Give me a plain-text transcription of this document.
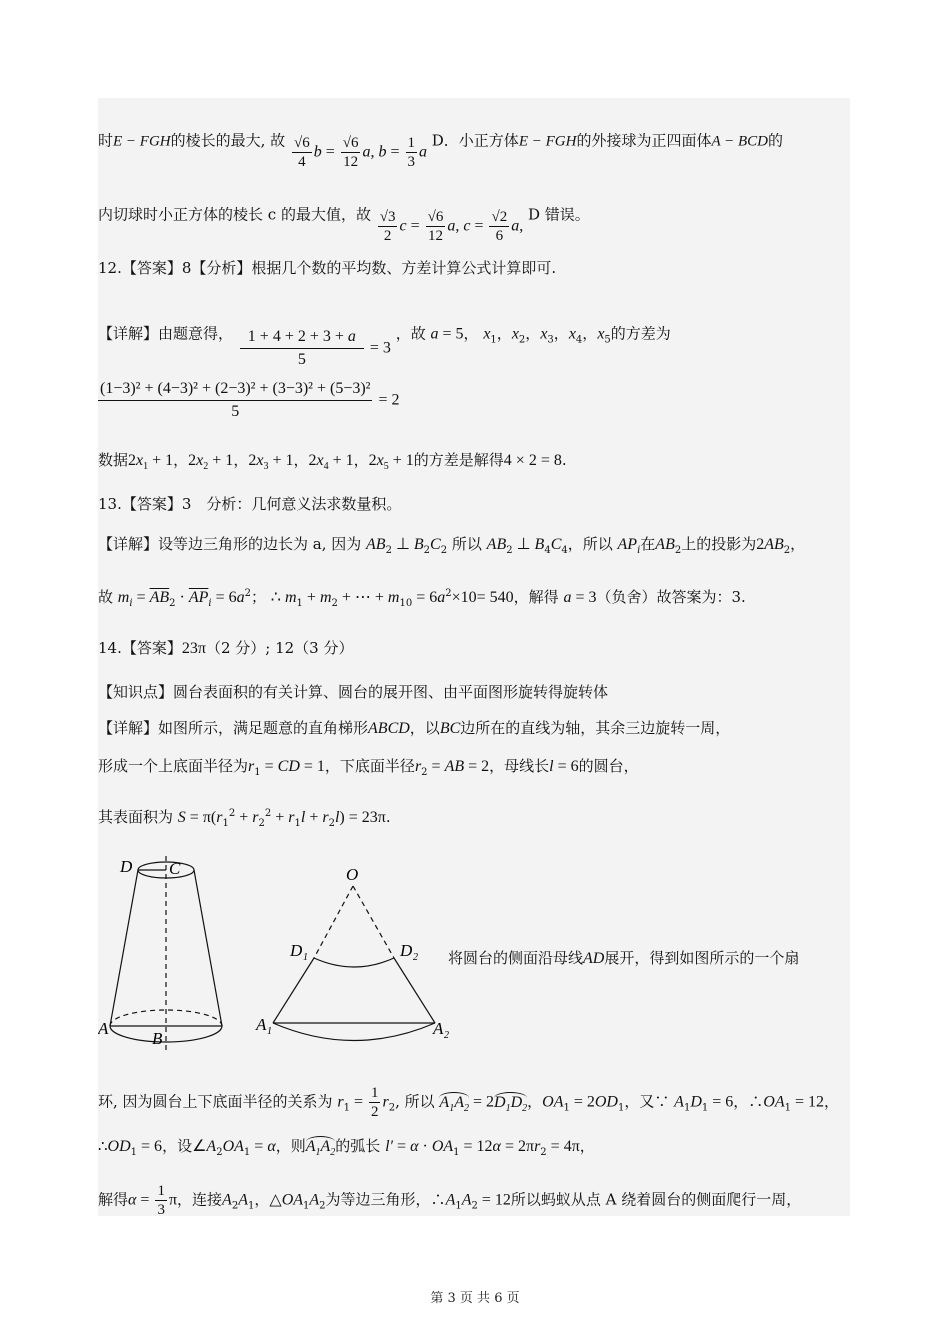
时E − FGH的棱长的最大, 故 $\frac{√6}{4}$ $b = \frac{√6}{12} a$, $b = \frac{1}{3}$ a D．小正方体E − FGH的外接球为正四面体A − BCD的
内切球时小正方体的棱长 c 的最大值，故 $\frac{√3}{2}$ $c = \frac{√6}{12} a$, $c = \frac{√2}{6} a$, D 错误。
12.【答案】8【分析】根据几个数的平均数、方差计算公式计算即可.
【详解】由题意得， $\frac{1 + 4 + 2 + 3 + a}{5} = 3$ ，故 a = 5， $x_1$，$x_2$，$x_3$，$x_4$，$x_5$的方差为
$\frac{\text{(1−3)² + (4−3)² + (2−3)² + (3−3)² + (5−3)²}}{5} = 2$
数据$2x_1 + 1$，$2x_2 + 1$，$2x_3 + 1$，$2x_4 + 1$，$2x_5 + 1$的方差是解得4 × 2 = 8.
13.【答案】3　分析：几何意义法求数量积。
【详解】设等边三角形的边长为 a, 因为 $AB_2$ ⊥ $B_2C_2$ 所以 $AB_2$ ⊥ $B_4C_4$，所以 $AP_i$在$AB_2$上的投影为$2AB_2$，
故 $m_i = \overline{AB}_2 \cdot \overline{AP}_i = 6a^2$； ∴ $m_1 + m_2$ + ⋯ + $m_{10} = 6a^2\times 10= 540$，解得 a = 3（负舍）故答案为：3.
14.【答案】23π（2 分）; 12（3 分）
【知识点】圆台表面积的有关计算、圆台的展开图、由平面图形旋转得旋转体
【详解】如图所示，满足题意的直角梯形ABCD，以BC边所在的直线为轴，其余三边旋转一周，
形成一个上底面半径为$r_1$ = CD = 1，下底面半径$r_2$ = AB = 2，母线长l = 6的圆台，
其表面积为 $S = \pi(r_1^2 + r_2^2 + r_1l + r_2l) = 23\pi$.
D C
A
B
O
D 1	D 2
A 1	A 2
将圆台的侧面沿母线AD展开，得到如图所示的一个扇
环, 因为圆台上下底面半径的关系为 $r_1 = \frac{1}{2} r_2$, 所以 $A_1A_2 = 2D_1D_2$，$OA_1 = 2OD_1$，又∵ $A_1D_1 = 6$，$\therefore OA_1 = 12$，
$\therefore OD_1 = 6$，设$\angle A_2OA_1 = \alpha$，则$A_1A_2$的弧长 $l' = \alpha \cdot OA_1 = 12\alpha = 2\pi r_2 = 4\pi$，
解得$\alpha = \frac{1}{3}$ π，连接$A_2A_1$，$\triangle OA_1A_2$为等边三角形，$\therefore A_1A_2 = 12$所以蚂蚁从点 A 绕着圆台的侧面爬行一周，
第 3 页 共 6 页
